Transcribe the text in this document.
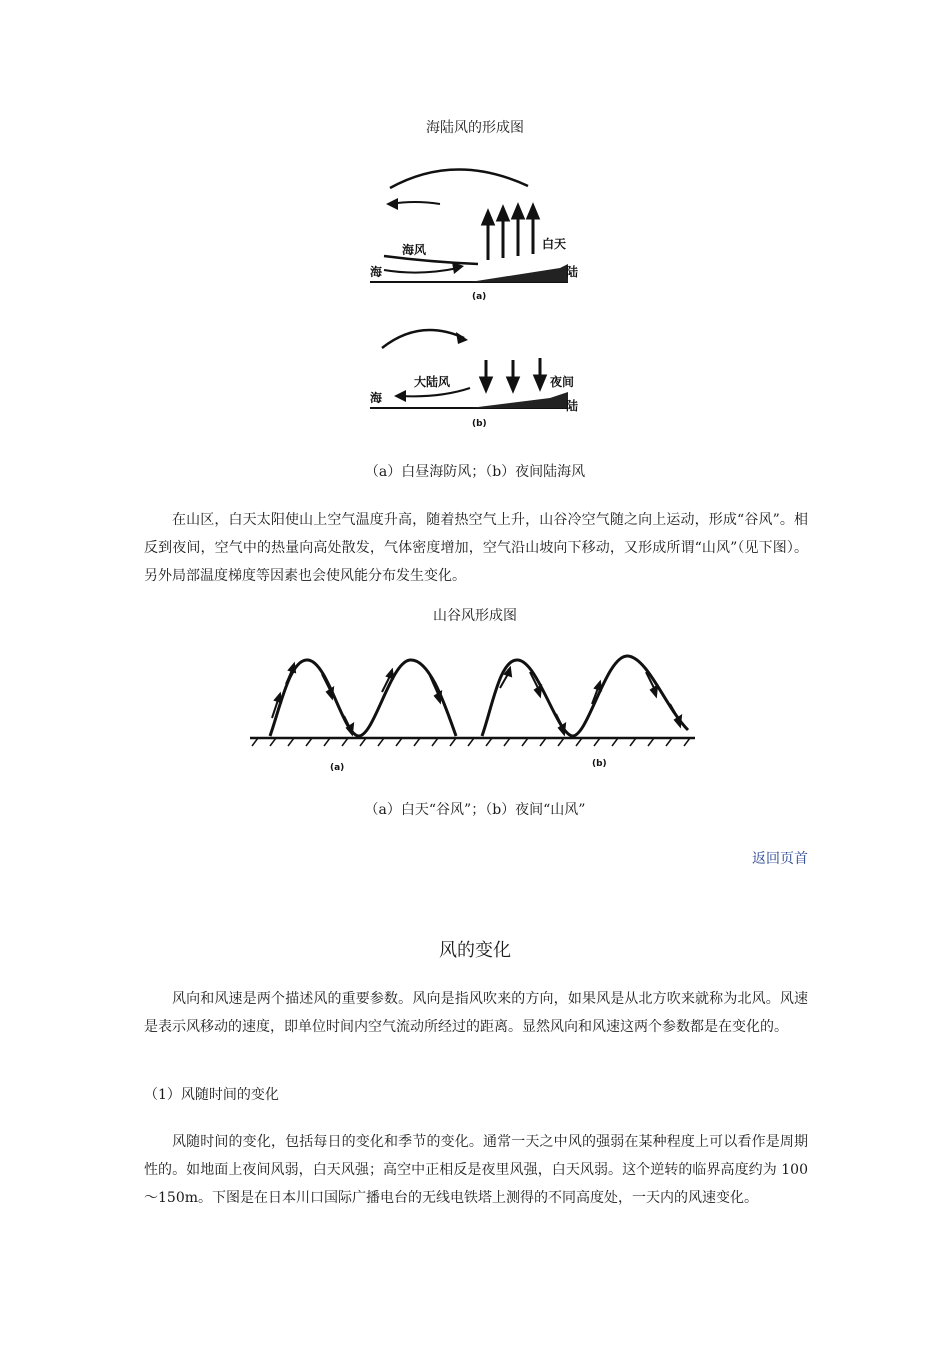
海陆风的形成图
海风	白天
海	陆
(a)
大陆风	夜间
海
陆
(b)
（a）白昼海防风；（b）夜间陆海风
在山区，白天太阳使山上空气温度升高，随着热空气上升，山谷冷空气随之向上运动，形成“谷风”。相反到夜间，空气中的热量向高处散发，气体密度增加，空气沿山坡向下移动，又形成所谓“山风”（见下图）。另外局部温度梯度等因素也会使风能分布发生变化。
山谷风形成图
(a)	(b)
（a）白天“谷风”；（b）夜间“山风”
返回页首
风的变化
风向和风速是两个描述风的重要参数。风向是指风吹来的方向，如果风是从北方吹来就称为北风。风速是表示风移动的速度，即单位时间内空气流动所经过的距离。显然风向和风速这两个参数都是在变化的。
（1）风随时间的变化
风随时间的变化，包括每日的变化和季节的变化。通常一天之中风的强弱在某种程度上可以看作是周期性的。如地面上夜间风弱，白天风强；高空中正相反是夜里风强，白天风弱。这个逆转的临界高度约为 100～150m。下图是在日本川口国际广播电台的无线电铁塔上测得的不同高度处，一天内的风速变化。
